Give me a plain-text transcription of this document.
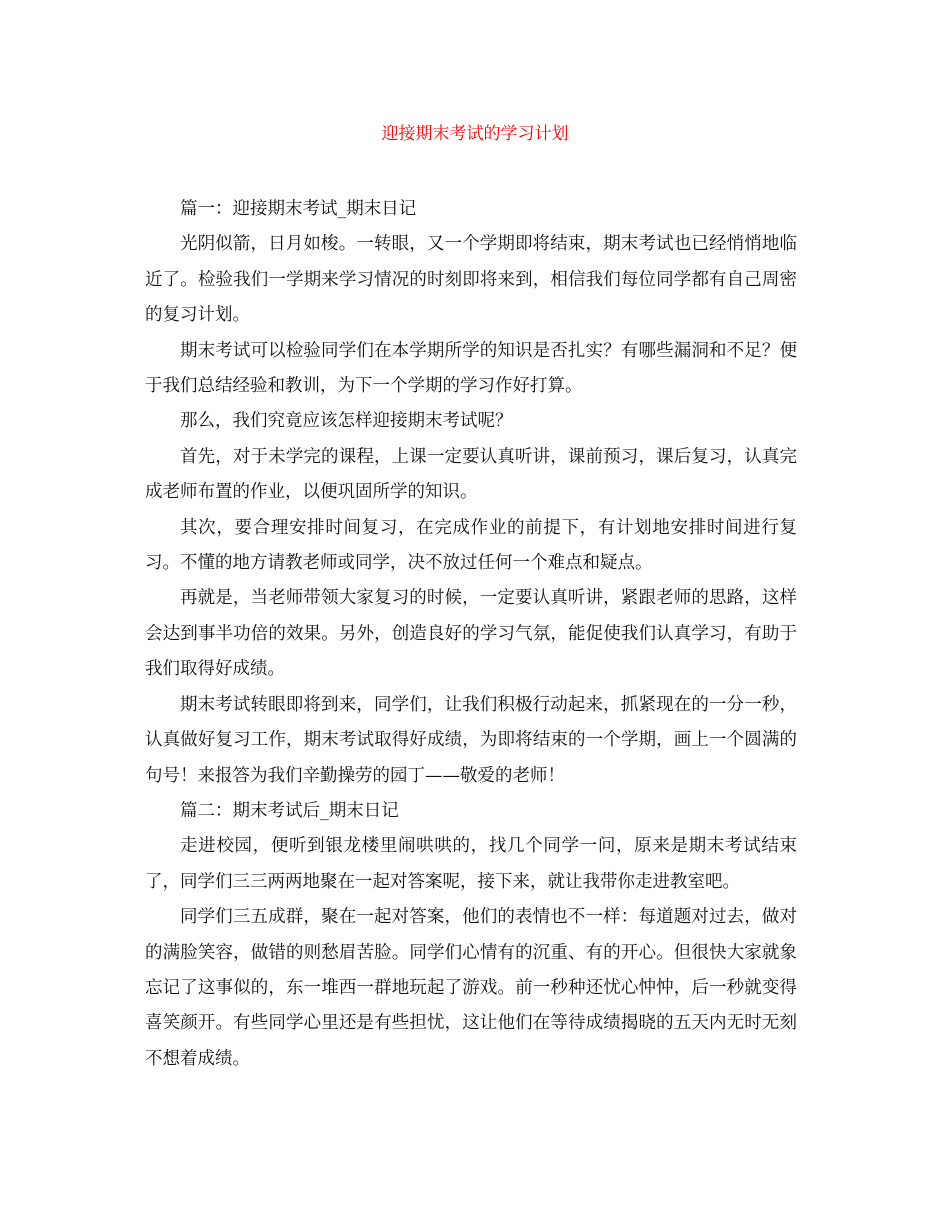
迎接期末考试的学习计划

篇一：迎接期末考试_期末日记

光阴似箭，日月如梭。一转眼，又一个学期即将结束，期末考试也已经悄悄地临近了。检验我们一学期来学习情况的时刻即将来到，相信我们每位同学都有自己周密的复习计划。

期末考试可以检验同学们在本学期所学的知识是否扎实？有哪些漏洞和不足？便于我们总结经验和教训，为下一个学期的学习作好打算。

那么，我们究竟应该怎样迎接期末考试呢？

首先，对于未学完的课程，上课一定要认真听讲，课前预习，课后复习，认真完成老师布置的作业，以便巩固所学的知识。

其次，要合理安排时间复习，在完成作业的前提下，有计划地安排时间进行复习。不懂的地方请教老师或同学，决不放过任何一个难点和疑点。

再就是，当老师带领大家复习的时候，一定要认真听讲，紧跟老师的思路，这样会达到事半功倍的效果。另外，创造良好的学习气氛，能促使我们认真学习，有助于我们取得好成绩。

期末考试转眼即将到来，同学们，让我们积极行动起来，抓紧现在的一分一秒，认真做好复习工作，期末考试取得好成绩，为即将结束的一个学期，画上一个圆满的句号！来报答为我们辛勤操劳的园丁——敬爱的老师！

篇二：期末考试后_期末日记

走进校园，便听到银龙楼里闹哄哄的，找几个同学一问，原来是期末考试结束了，同学们三三两两地聚在一起对答案呢，接下来，就让我带你走进教室吧。

同学们三五成群，聚在一起对答案，他们的表情也不一样：每道题对过去，做对的满脸笑容，做错的则愁眉苦脸。同学们心情有的沉重、有的开心。但很快大家就象忘记了这事似的，东一堆西一群地玩起了游戏。前一秒种还忧心忡忡，后一秒就变得喜笑颜开。有些同学心里还是有些担忧，这让他们在等待成绩揭晓的五天内无时无刻不想着成绩。
